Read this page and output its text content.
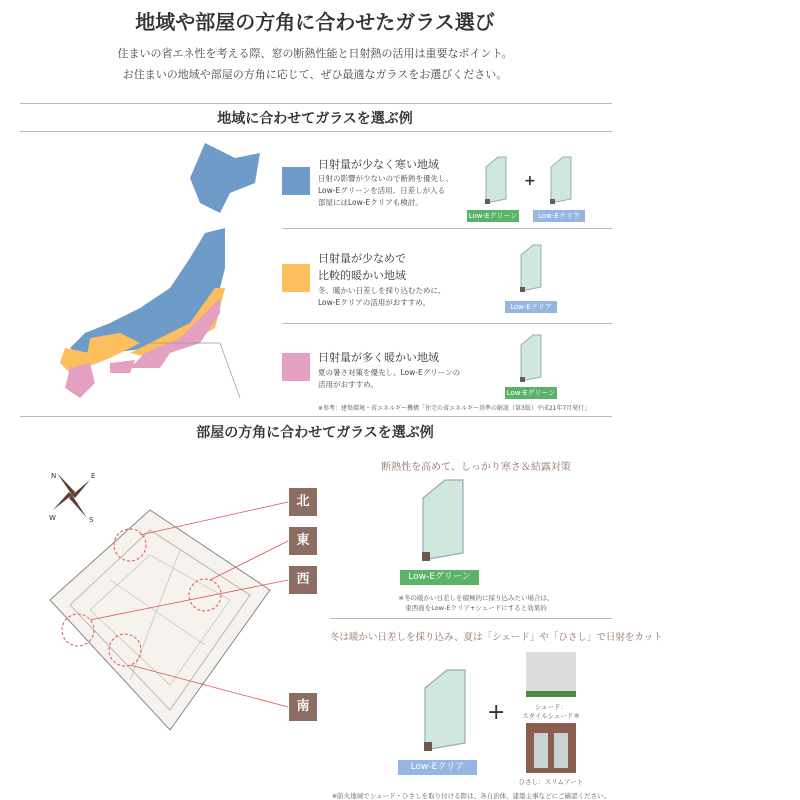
地域や部屋の方角に合わせたガラス選び
住まいの省エネ性を考える際、窓の断熱性能と日射熱の活用は重要なポイント。
お住まいの地域や部屋の方角に応じて、ぜひ最適なガラスをお選びください。
地域に合わせてガラスを選ぶ例
日射量が少なく寒い地域
日射の影響が少ないので断熱を優先し、
Low-Eグリーンを活用。日差しが入る
部屋にはLow-Eクリアも検討。
+
Low-Eグリーン	Low-Eクリア
日射量が少なめで
比較的暖かい地域
冬、暖かい日差しを採り込むために、
Low-Eクリアの活用がおすすめ。	Low-Eクリア
日射量が多く暖かい地域
夏の暑さ対策を優先し、Low-Eグリーンの
活用がおすすめ。
Low-Eグリーン
※参考：建築環境・省エネルギー機構「住宅の省エネルギー基準の解説（第3版）平成21年7月発行」
部屋の方角に合わせてガラスを選ぶ例
N	E
S
W
北
東
西
南
断熱性を高めて、しっかり寒さ＆結露対策
Low-Eグリーン
※冬の暖かい日差しを積極的に採り込みたい場合は、
東西面をLow-Eクリア+シェードにすると効果的
冬は暖かい日差しを採り込み、夏は「シェード」や「ひさし」で日射をカット
Low-Eクリア
+	シェード：
スタイルシェード®
ひさし：スリムアート
※防火地域でシェード・ひさしを取り付ける際は、各自治体、建築主事などにご確認ください。
